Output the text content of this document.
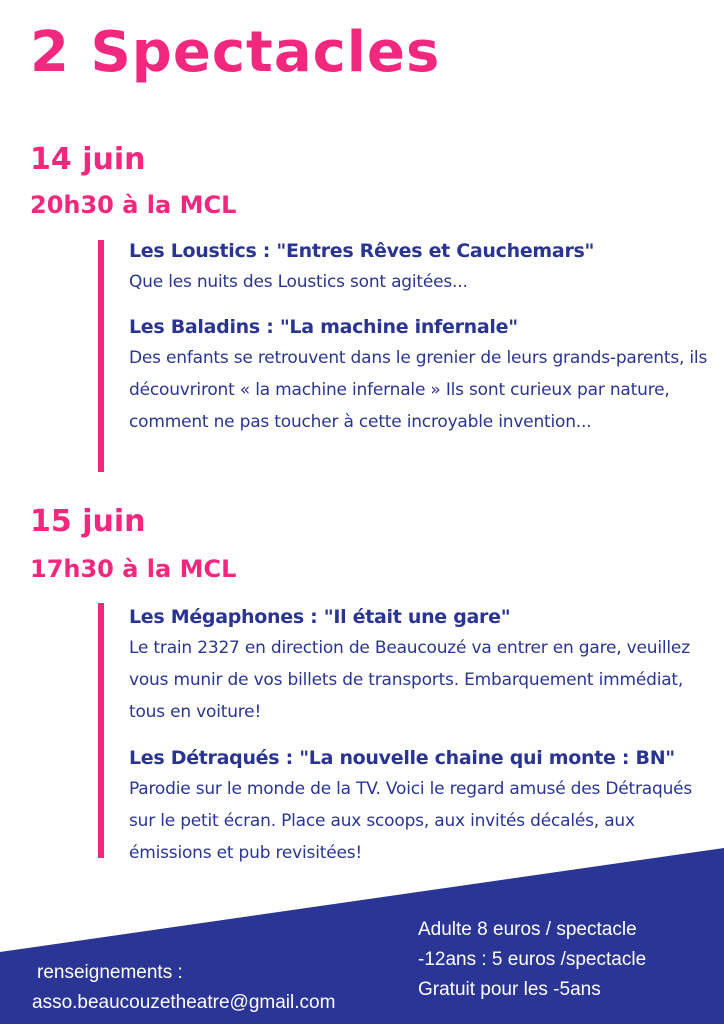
2 Spectacles
14 juin
20h30 à la MCL

Les Loustics : "Entres Rêves et Cauchemars"

Que les nuits des Loustics sont agitées...

Les Baladins : "La machine infernale"

Des enfants se retrouvent dans le grenier de leurs grands-parents, ils découvriront « la machine infernale » Ils sont curieux par nature, comment ne pas toucher à cette incroyable invention...

15 juin
17h30 à la MCL

Les Mégaphones : "Il était une gare"

Le train 2327 en direction de Beaucouzé va entrer en gare, veuillez vous munir de vos billets de transports. Embarquement immédiat, tous en voiture!

Les Détraqués : "La nouvelle chaine qui monte : BN"

Parodie sur le monde de la TV. Voici le regard amusé des Détraqués sur le petit écran. Place aux scoops, aux invités décalés, aux émissions et pub revisitées!

renseignements :
asso.beaucouzetheatre@gmail.com
Adulte 8 euros / spectacle
-12ans : 5 euros /spectacle
Gratuit pour les -5ans
